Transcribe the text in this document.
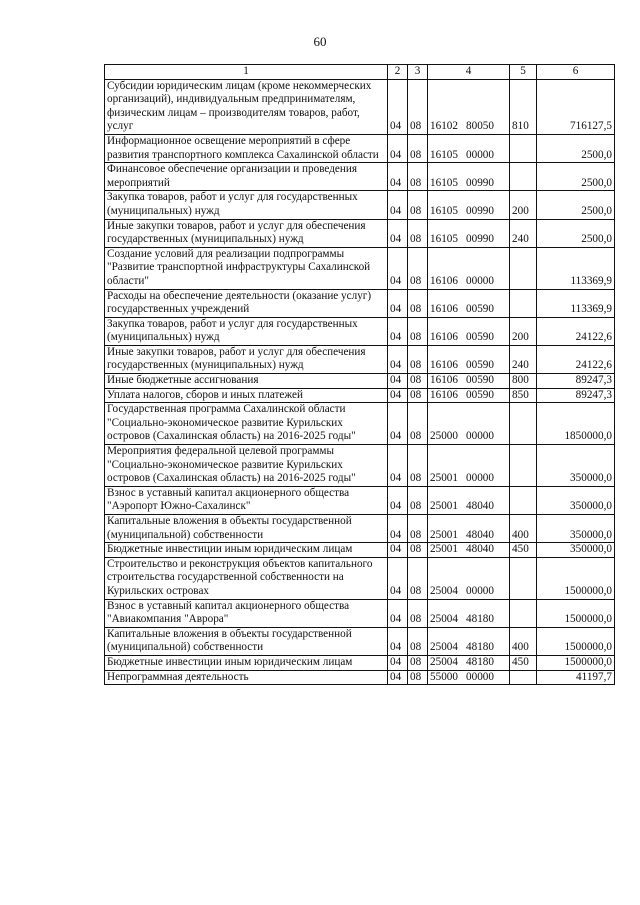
60
1	2	3	4	5	6
Субсидии юридическим лицам (кроме некоммерческих организаций), индивидуальным предпринимателям, физическим лицам – производителям товаров, работ, услуг	04	08	16102 80050	810	716127,5
Информационное освещение мероприятий в сфере развития транспортного комплекса Сахалинской области	04	08	16105 00000		2500,0
Финансовое обеспечение организации и проведения мероприятий	04	08	16105 00990		2500,0
Закупка товаров, работ и услуг для государственных (муниципальных) нужд	04	08	16105 00990	200	2500,0
Иные закупки товаров, работ и услуг для обеспечения государственных (муниципальных) нужд	04	08	16105 00990	240	2500,0
Создание условий для реализации подпрограммы "Развитие транспортной инфраструктуры Сахалинской области"	04	08	16106 00000		113369,9
Расходы на обеспечение деятельности (оказание услуг) государственных учреждений	04	08	16106 00590		113369,9
Закупка товаров, работ и услуг для государственных (муниципальных) нужд	04	08	16106 00590	200	24122,6
Иные закупки товаров, работ и услуг для обеспечения государственных (муниципальных) нужд	04	08	16106 00590	240	24122,6
Иные бюджетные ассигнования	04	08	16106 00590	800	89247,3
Уплата налогов, сборов и иных платежей	04	08	16106 00590	850	89247,3
Государственная программа Сахалинской области "Социально-экономическое развитие Курильских островов (Сахалинская область) на 2016-2025 годы"	04	08	25000 00000		1850000,0
Мероприятия федеральной целевой программы "Социально-экономическое развитие Курильских островов (Сахалинская область) на 2016-2025 годы"	04	08	25001 00000		350000,0
Взнос в уставный капитал акционерного общества "Аэропорт Южно-Сахалинск"	04	08	25001 48040		350000,0
Капитальные вложения в объекты государственной (муниципальной) собственности	04	08	25001 48040	400	350000,0
Бюджетные инвестиции иным юридическим лицам	04	08	25001 48040	450	350000,0
Строительство и реконструкция объектов капитального строительства государственной собственности на Курильских островах	04	08	25004 00000		1500000,0
Взнос в уставный капитал акционерного общества "Авиакомпания "Аврора"	04	08	25004 48180		1500000,0
Капитальные вложения в объекты государственной (муниципальной) собственности	04	08	25004 48180	400	1500000,0
Бюджетные инвестиции иным юридическим лицам	04	08	25004 48180	450	1500000,0
Непрограммная деятельность	04	08	55000 00000		41197,7
